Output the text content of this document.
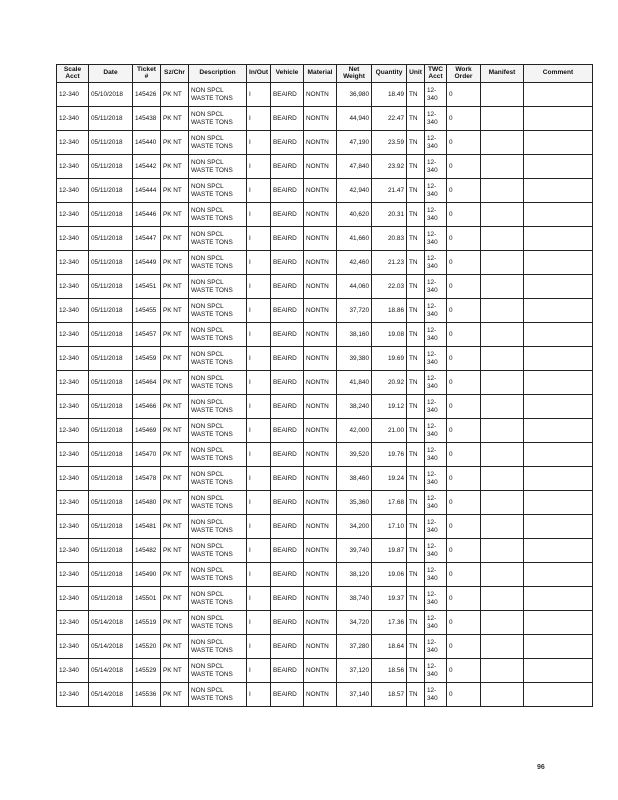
Scale Acct	Date	Ticket #	Sz/Chr	Description	In/Out	Vehicle	Material	Net Weight	Quantity	Unit	TWC Acct	Work Order	Manifest	Comment
12-340	05/10/2018	145426	PK NT	NON SPCL WASTE TONS	I	BEAIRD	NONTN	36,980	18.49	TN	12-340	0		
12-340	05/11/2018	145438	PK NT	NON SPCL WASTE TONS	I	BEAIRD	NONTN	44,940	22.47	TN	12-340	0		
12-340	05/11/2018	145440	PK NT	NON SPCL WASTE TONS	I	BEAIRD	NONTN	47,190	23.59	TN	12-340	0		
12-340	05/11/2018	145442	PK NT	NON SPCL WASTE TONS	I	BEAIRD	NONTN	47,840	23.92	TN	12-340	0		
12-340	05/11/2018	145444	PK NT	NON SPCL WASTE TONS	I	BEAIRD	NONTN	42,940	21.47	TN	12-340	0		
12-340	05/11/2018	145446	PK NT	NON SPCL WASTE TONS	I	BEAIRD	NONTN	40,620	20.31	TN	12-340	0		
12-340	05/11/2018	145447	PK NT	NON SPCL WASTE TONS	I	BEAIRD	NONTN	41,660	20.83	TN	12-340	0		
12-340	05/11/2018	145449	PK NT	NON SPCL WASTE TONS	I	BEAIRD	NONTN	42,460	21.23	TN	12-340	0		
12-340	05/11/2018	145451	PK NT	NON SPCL WASTE TONS	I	BEAIRD	NONTN	44,060	22.03	TN	12-340	0		
12-340	05/11/2018	145455	PK NT	NON SPCL WASTE TONS	I	BEAIRD	NONTN	37,720	18.86	TN	12-340	0		
12-340	05/11/2018	145457	PK NT	NON SPCL WASTE TONS	I	BEAIRD	NONTN	38,160	19.08	TN	12-340	0		
12-340	05/11/2018	145459	PK NT	NON SPCL WASTE TONS	I	BEAIRD	NONTN	39,380	19.69	TN	12-340	0		
12-340	05/11/2018	145464	PK NT	NON SPCL WASTE TONS	I	BEAIRD	NONTN	41,840	20.92	TN	12-340	0		
12-340	05/11/2018	145466	PK NT	NON SPCL WASTE TONS	I	BEAIRD	NONTN	38,240	19.12	TN	12-340	0		
12-340	05/11/2018	145469	PK NT	NON SPCL WASTE TONS	I	BEAIRD	NONTN	42,000	21.00	TN	12-340	0		
12-340	05/11/2018	145470	PK NT	NON SPCL WASTE TONS	I	BEAIRD	NONTN	39,520	19.76	TN	12-340	0		
12-340	05/11/2018	145478	PK NT	NON SPCL WASTE TONS	I	BEAIRD	NONTN	38,460	19.24	TN	12-340	0		
12-340	05/11/2018	145480	PK NT	NON SPCL WASTE TONS	I	BEAIRD	NONTN	35,360	17.68	TN	12-340	0		
12-340	05/11/2018	145481	PK NT	NON SPCL WASTE TONS	I	BEAIRD	NONTN	34,200	17.10	TN	12-340	0		
12-340	05/11/2018	145482	PK NT	NON SPCL WASTE TONS	I	BEAIRD	NONTN	39,740	19.87	TN	12-340	0		
12-340	05/11/2018	145490	PK NT	NON SPCL WASTE TONS	I	BEAIRD	NONTN	38,120	19.06	TN	12-340	0		
12-340	05/11/2018	145501	PK NT	NON SPCL WASTE TONS	I	BEAIRD	NONTN	38,740	19.37	TN	12-340	0		
12-340	05/14/2018	145519	PK NT	NON SPCL WASTE TONS	I	BEAIRD	NONTN	34,720	17.36	TN	12-340	0		
12-340	05/14/2018	145520	PK NT	NON SPCL WASTE TONS	I	BEAIRD	NONTN	37,280	18.64	TN	12-340	0		
12-340	05/14/2018	145529	PK NT	NON SPCL WASTE TONS	I	BEAIRD	NONTN	37,120	18.56	TN	12-340	0		
12-340	05/14/2018	145536	PK NT	NON SPCL WASTE TONS	I	BEAIRD	NONTN	37,140	18.57	TN	12-340	0		
96
